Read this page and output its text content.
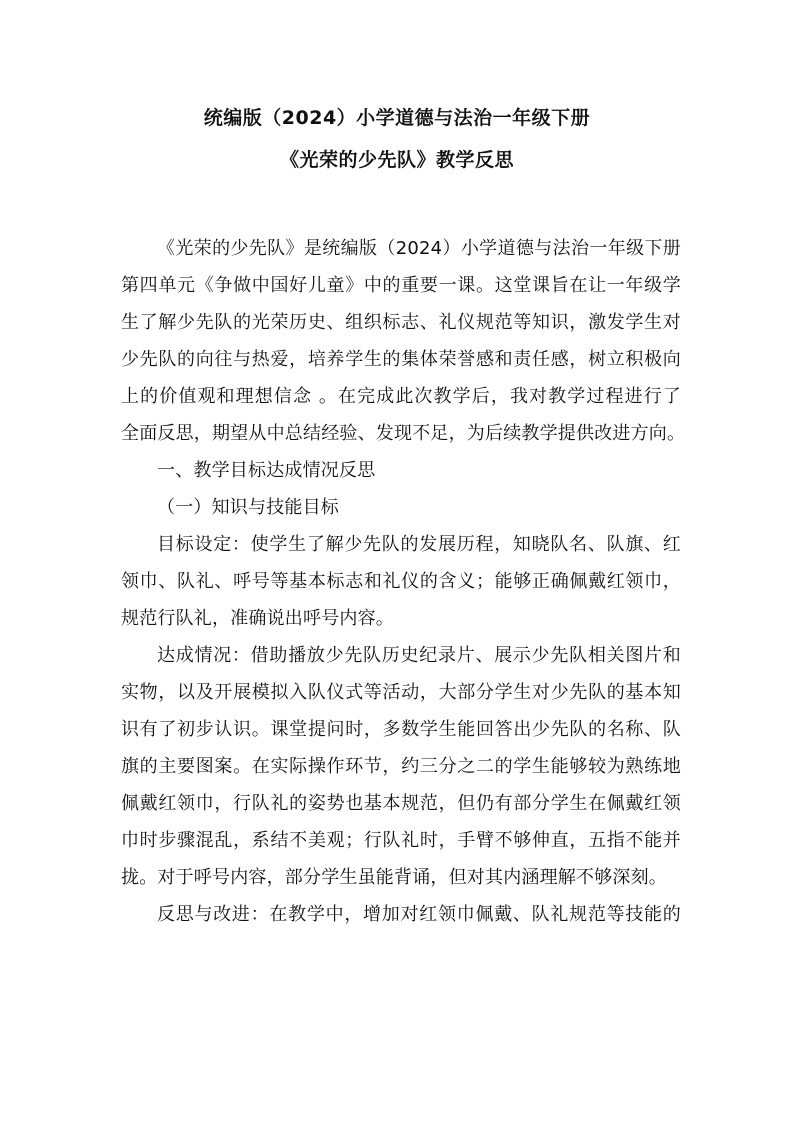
统编版（2024）小学道德与法治一年级下册
《光荣的少先队》教学反思
《光荣的少先队》是统编版（2024）小学道德与法治一年级下册
第四单元《争做中国好儿童》中的重要一课。这堂课旨在让一年级学
生了解少先队的光荣历史、组织标志、礼仪规范等知识，激发学生对
少先队的向往与热爱，培养学生的集体荣誉感和责任感，树立积极向
上的价值观和理想信念 。在完成此次教学后，我对教学过程进行了
全面反思，期望从中总结经验、发现不足，为后续教学提供改进方向。
一、教学目标达成情况反思
（一）知识与技能目标
目标设定：使学生了解少先队的发展历程，知晓队名、队旗、红
领巾、队礼、呼号等基本标志和礼仪的含义；能够正确佩戴红领巾，
规范行队礼，准确说出呼号内容。
达成情况：借助播放少先队历史纪录片、展示少先队相关图片和
实物，以及开展模拟入队仪式等活动，大部分学生对少先队的基本知
识有了初步认识。课堂提问时，多数学生能回答出少先队的名称、队
旗的主要图案。在实际操作环节，约三分之二的学生能够较为熟练地
佩戴红领巾，行队礼的姿势也基本规范，但仍有部分学生在佩戴红领
巾时步骤混乱，系结不美观；行队礼时，手臂不够伸直，五指不能并
拢。对于呼号内容，部分学生虽能背诵，但对其内涵理解不够深刻。
反思与改进：在教学中，增加对红领巾佩戴、队礼规范等技能的
